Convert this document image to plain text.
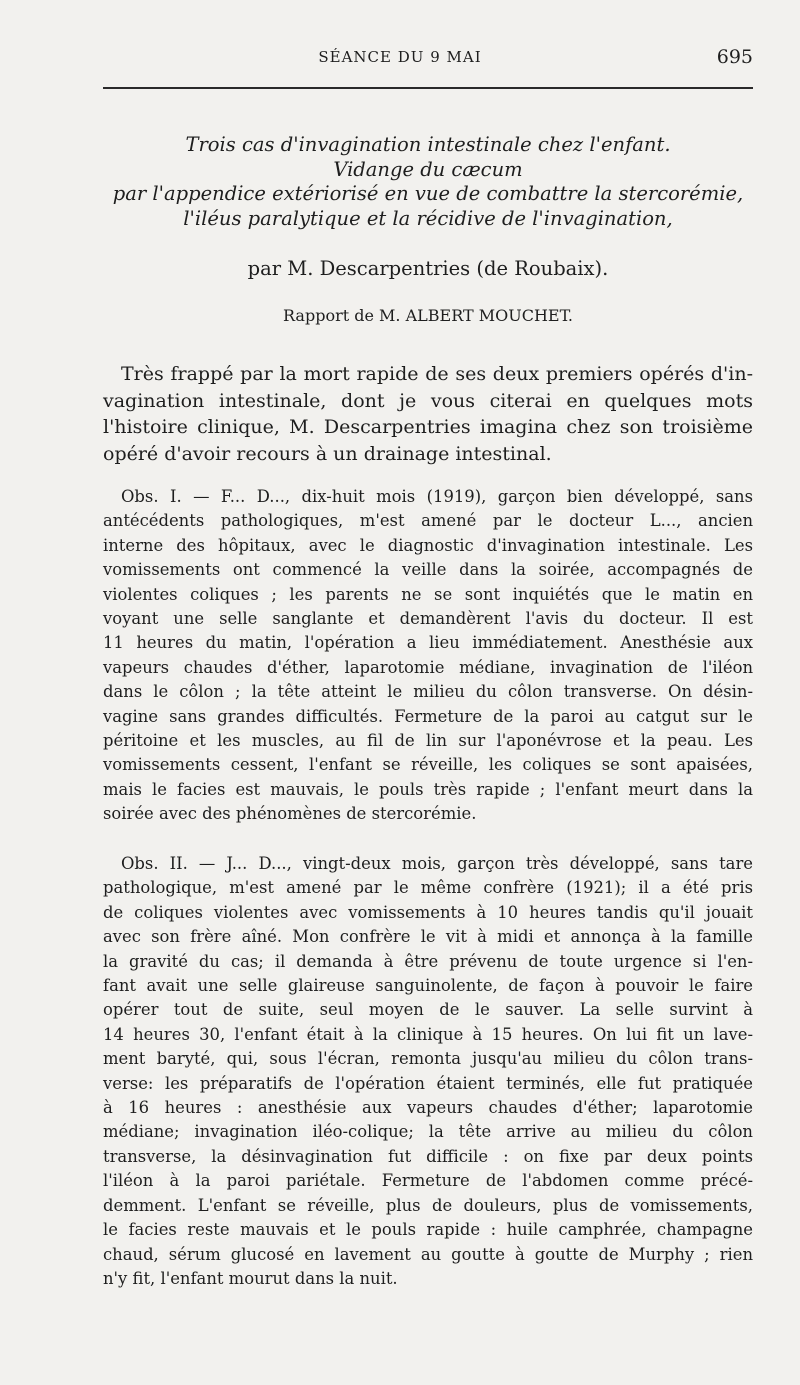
SÉANCE DU 9 MAI	695
Trois cas d'invagination intestinale chez l'enfant.
Vidange du cæcum
par l'appendice extériorisé en vue de combattre la stercorémie,
l'iléus paralytique et la récidive de l'invagination,
par M. Descarpentries (de Roubaix).
Rapport de M. ALBERT MOUCHET.
Très frappé par la mort rapide de ses deux premiers opérés d'in-
vagination intestinale, dont je vous citerai en quelques mots
l'histoire clinique, M. Descarpentries imagina chez son troisième
opéré d'avoir recours à un drainage intestinal.
Obs. I. — F... D..., dix-huit mois (1919), garçon bien développé, sans
antécédents pathologiques, m'est amené par le docteur L..., ancien
interne des hôpitaux, avec le diagnostic d'invagination intestinale. Les
vomissements ont commencé la veille dans la soirée, accompagnés de
violentes coliques ; les parents ne se sont inquiétés que le matin en
voyant une selle sanglante et demandèrent l'avis du docteur. Il est
11 heures du matin, l'opération a lieu immédiatement. Anesthésie aux
vapeurs chaudes d'éther, laparotomie médiane, invagination de l'iléon
dans le côlon ; la tête atteint le milieu du côlon transverse. On désin-
vagine sans grandes difficultés. Fermeture de la paroi au catgut sur le
péritoine et les muscles, au fil de lin sur l'aponévrose et la peau. Les
vomissements cessent, l'enfant se réveille, les coliques se sont apaisées,
mais le facies est mauvais, le pouls très rapide ; l'enfant meurt dans la
soirée avec des phénomènes de stercorémie.
Obs. II. — J... D..., vingt-deux mois, garçon très développé, sans tare
pathologique, m'est amené par le même confrère (1921); il a été pris
de coliques violentes avec vomissements à 10 heures tandis qu'il jouait
avec son frère aîné. Mon confrère le vit à midi et annonça à la famille
la gravité du cas; il demanda à être prévenu de toute urgence si l'en-
fant avait une selle glaireuse sanguinolente, de façon à pouvoir le faire
opérer tout de suite, seul moyen de le sauver. La selle survint à
14 heures 30, l'enfant était à la clinique à 15 heures. On lui fit un lave-
ment baryté, qui, sous l'écran, remonta jusqu'au milieu du côlon trans-
verse: les préparatifs de l'opération étaient terminés, elle fut pratiquée
à 16 heures : anesthésie aux vapeurs chaudes d'éther; laparotomie
médiane; invagination iléo-colique; la tête arrive au milieu du côlon
transverse, la désinvagination fut difficile : on fixe par deux points
l'iléon à la paroi pariétale. Fermeture de l'abdomen comme précé-
demment. L'enfant se réveille, plus de douleurs, plus de vomissements,
le facies reste mauvais et le pouls rapide : huile camphrée, champagne
chaud, sérum glucosé en lavement au goutte à goutte de Murphy ; rien
n'y fit, l'enfant mourut dans la nuit.
